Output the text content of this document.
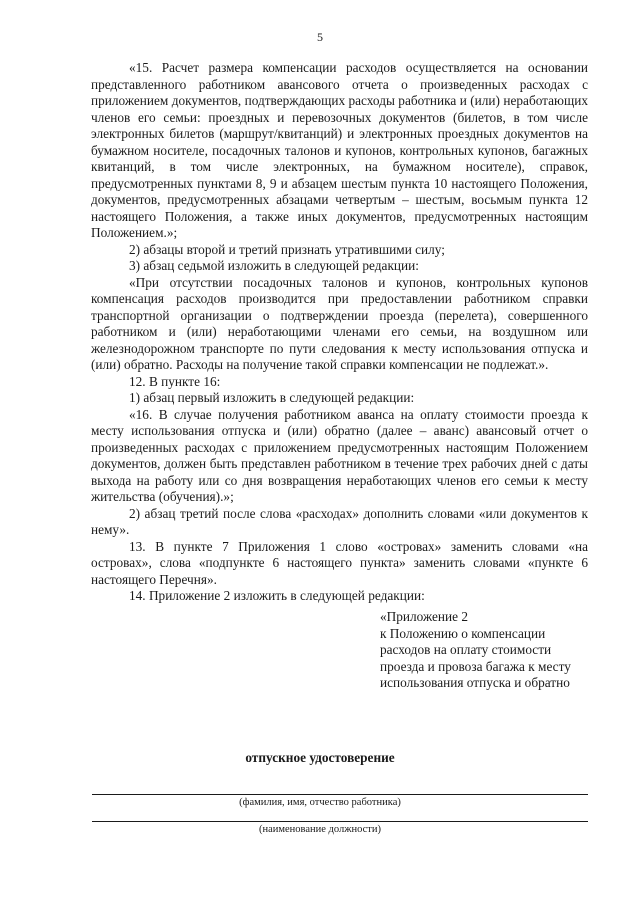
5

«15. Расчет размера компенсации расходов осуществляется на основании представленного работником авансового отчета о произведенных расходах с приложением документов, подтверждающих расходы работника и (или) неработающих членов его семьи: проездных и перевозочных документов (билетов, в том числе электронных билетов (маршрут/квитанций) и электронных проездных документов на бумажном носителе, посадочных талонов и купонов, контрольных купонов, багажных квитанций, в том числе электронных, на бумажном носителе), справок, предусмотренных пунктами 8, 9 и абзацем шестым пункта 10 настоящего Положения, документов, предусмотренных абзацами четвертым – шестым, восьмым пункта 12 настоящего Положения, а также иных документов, предусмотренных настоящим Положением.»;

2) абзацы второй и третий признать утратившими силу;

3) абзац седьмой изложить в следующей редакции:

«При отсутствии посадочных талонов и купонов, контрольных купонов компенсация расходов производится при предоставлении работником справки транспортной организации о подтверждении проезда (перелета), совершенного работником и (или) неработающими членами его семьи, на воздушном или железнодорожном транспорте по пути следования к месту использования отпуска и (или) обратно. Расходы на получение такой справки компенсации не подлежат.».

12. В пункте 16:

1) абзац первый изложить в следующей редакции:

«16. В случае получения работником аванса на оплату стоимости проезда к месту использования отпуска и (или) обратно (далее – аванс) авансовый отчет о произведенных расходах с приложением предусмотренных настоящим Положением документов, должен быть представлен работником в течение трех рабочих дней с даты выхода на работу или со дня возвращения неработающих членов его семьи к месту жительства (обучения).»;

2) абзац третий после слова «расходах» дополнить словами «или документов к нему».

13. В пункте 7 Приложения 1 слово «островах» заменить словами «на островах», слова «подпункте 6 настоящего пункта» заменить словами «пункте 6 настоящего Перечня».

14. Приложение 2 изложить в следующей редакции:

«Приложение 2
к Положению о компенсации
расходов на оплату стоимости
проезда и провоза багажа к месту
использования отпуска и обратно
отпускное удостоверение
(фамилия, имя, отчество работника)
(наименование должности)
